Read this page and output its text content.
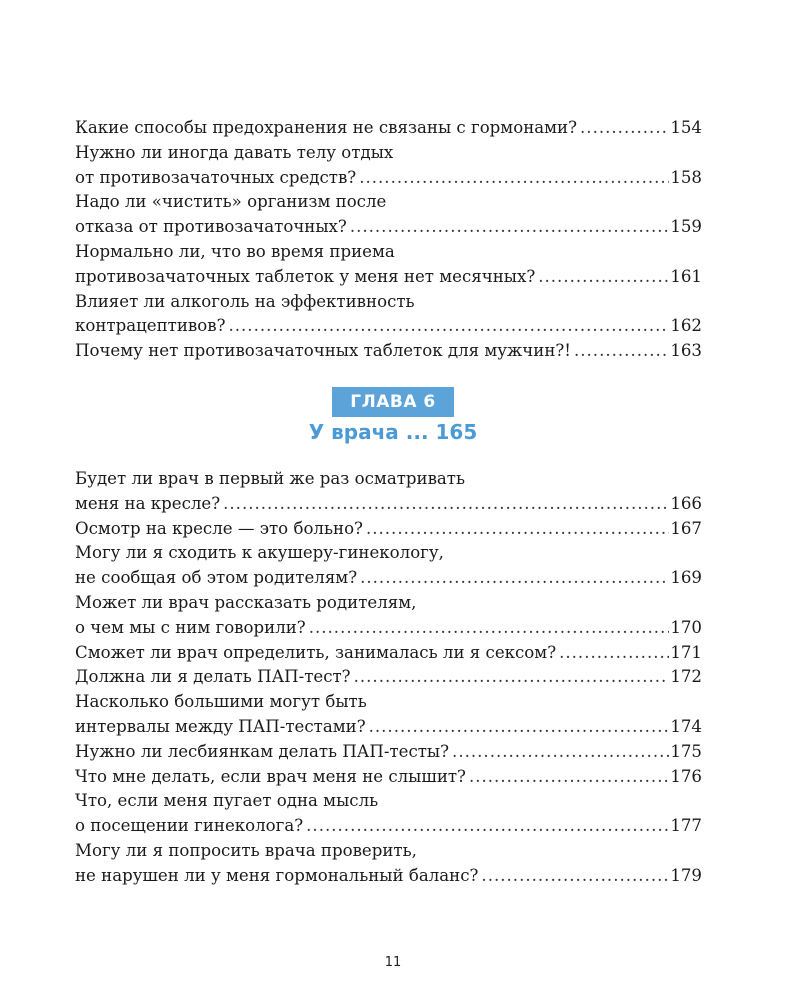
Какие способы предохранения не связаны с гормонами? .....	154
Нужно ли иногда давать телу отдых
от противозачаточных средств? .....	158
Надо ли «чистить» организм после
отказа от противозачаточных? .....	159
Нормально ли, что во время приема
противозачаточных таблеток у меня нет месячных? .....	161
Влияет ли алкоголь на эффективность
контрацептивов? .....	162
Почему нет противозачаточных таблеток для мужчин?! .....	163
ГЛАВА 6
У врача ... 165
Будет ли врач в первый же раз осматривать
меня на кресле? .....	166
Осмотр на кресле — это больно? .....	167
Могу ли я сходить к акушеру-гинекологу,
не сообщая об этом родителям? .....	169
Может ли врач рассказать родителям,
о чем мы с ним говорили? .....	170
Сможет ли врач определить, занималась ли я сексом? .....	171
Должна ли я делать ПАП-тест? .....	172
Насколько большими могут быть
интервалы между ПАП-тестами? .....	174
Нужно ли лесбиянкам делать ПАП-тесты? .....	175
Что мне делать, если врач меня не слышит? .....	176
Что, если меня пугает одна мысль
о посещении гинеколога? .....	177
Могу ли я попросить врача проверить,
не нарушен ли у меня гормональный баланс? .....	179
11
